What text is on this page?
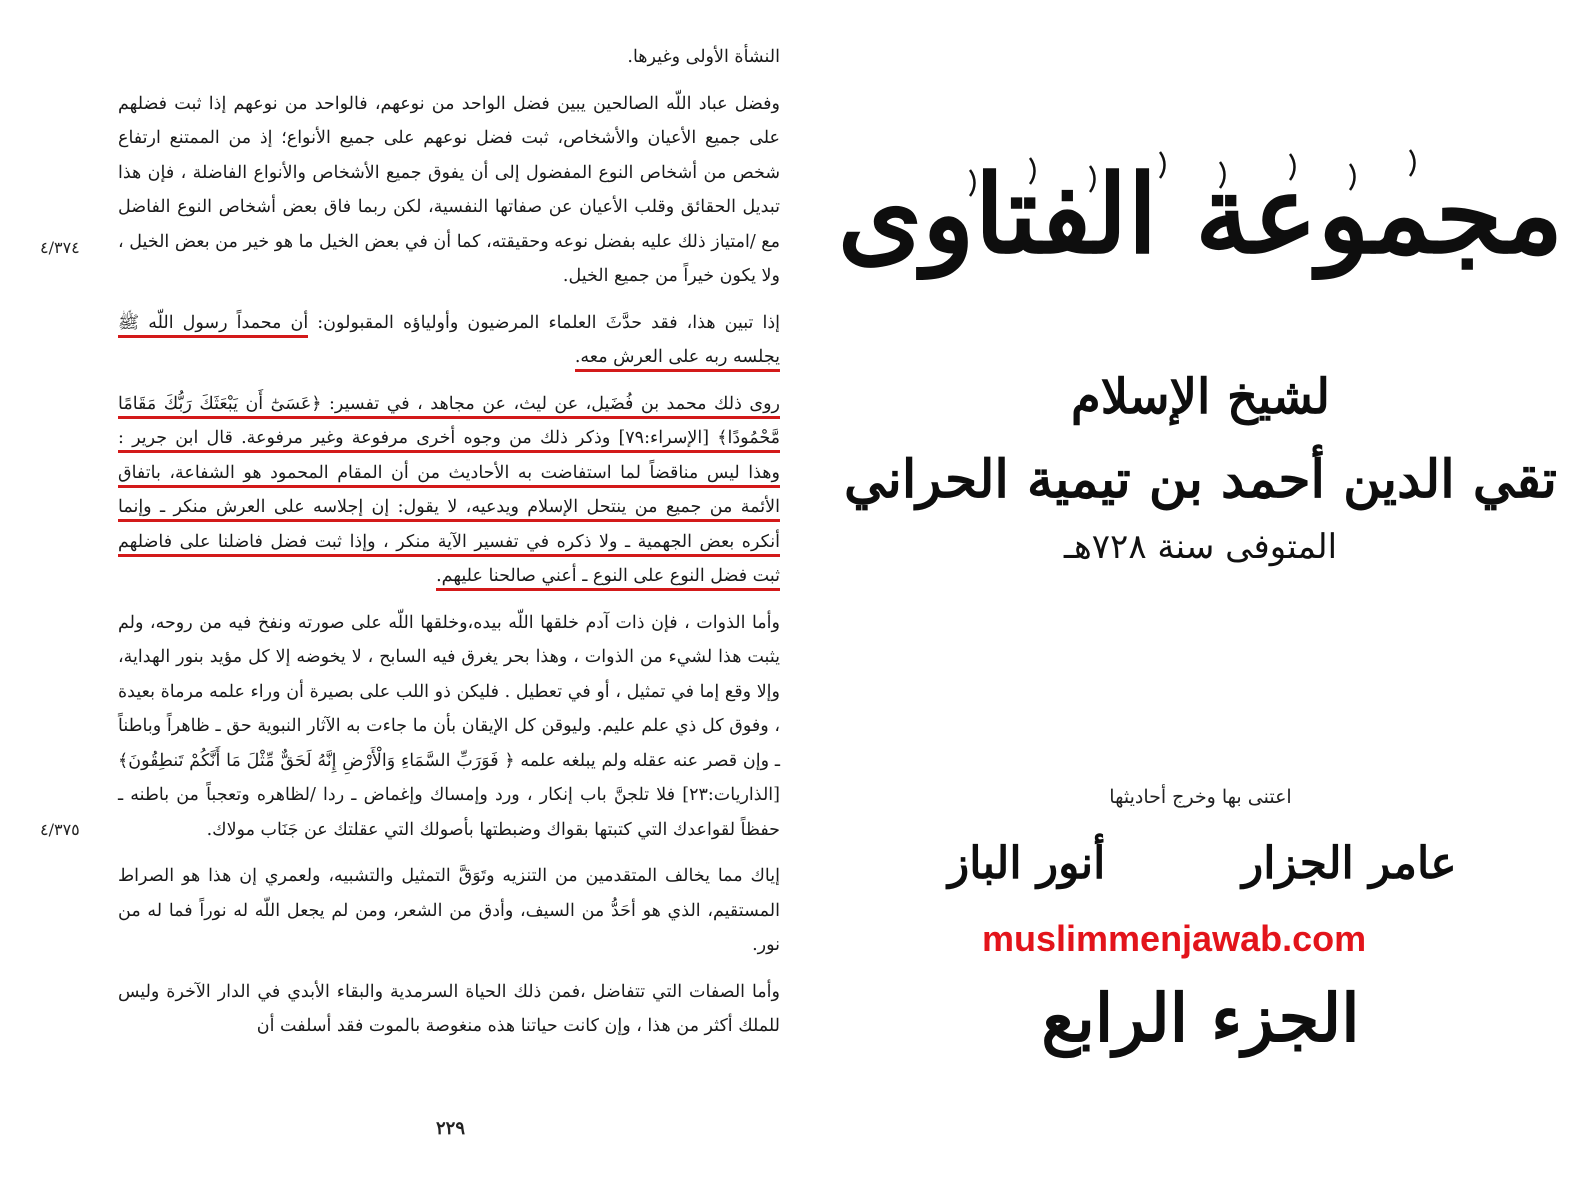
النشأة الأولى وغيرها.

وفضل عباد اللّه الصالحين يبين فضل الواحد من نوعهم، فالواحد من نوعهم إذا ثبت فضلهم على جميع الأعيان والأشخاص، ثبت فضل نوعهم على جميع الأنواع؛ إذ من الممتنع ارتفاع شخص من أشخاص النوع المفضول إلى أن يفوق جميع الأشخاص والأنواع الفاضلة ، فإن هذا تبديل الحقائق وقلب الأعيان عن صفاتها النفسية، لكن ربما فاق بعض أشخاص النوع الفاضل مع /امتياز ذلك عليه بفضل نوعه وحقيقته، كما أن في بعض الخيل ما هو خير من بعض الخيل ، ولا يكون خيراً من جميع الخيل.

إذا تبين هذا، فقد حدَّثَ العلماء المرضيون وأولياؤه المقبولون: أن محمداً رسول اللّه ﷺ يجلسه ربه على العرش معه.

روى ذلك محمد بن فُضَيل، عن ليث، عن مجاهد ، في تفسير: ﴿عَسَىٰٓ أَن يَبْعَثَكَ رَبُّكَ مَقَامًا مَّحْمُودًا﴾ [الإسراء:٧٩] وذكر ذلك من وجوه أخرى مرفوعة وغير مرفوعة. قال ابن جرير : وهذا ليس مناقضاً لما استفاضت به الأحاديث من أن المقام المحمود هو الشفاعة، باتفاق الأئمة من جميع من ينتحل الإسلام ويدعيه، لا يقول: إن إجلاسه على العرش منكر ـ وإنما أنكره بعض الجهمية ـ ولا ذكره في تفسير الآية منكر ، وإذا ثبت فضل فاضلنا على فاضلهم ثبت فضل النوع على النوع ـ أعني صالحنا عليهم.

وأما الذوات ، فإن ذات آدم خلقها اللّه بيده،وخلقها اللّه على صورته ونفخ فيه من روحه، ولم يثبت هذا لشيء من الذوات ، وهذا بحر يغرق فيه السابح ، لا يخوضه إلا كل مؤيد بنور الهداية، وإلا وقع إما في تمثيل ، أو في تعطيل . فليكن ذو اللب على بصيرة أن وراء علمه مرماة بعيدة ، وفوق كل ذي علم عليم. وليوقن كل الإيقان بأن ما جاءت به الآثار النبوية حق ـ ظاهراً وباطناً ـ وإن قصر عنه عقله ولم يبلغه علمه ﴿ فَوَرَبِّ السَّمَاءِ وَالْأَرْضِ إِنَّهُ لَحَقٌّ مِّثْلَ مَا أَنَّكُمْ تَنطِقُونَ﴾[الذاريات:٢٣] فلا تلجنَّ باب إنكار ، ورد وإمساك وإغماض ـ ردا /لظاهره وتعجباً من باطنه ـ حفظاً لقواعدك التي كتبتها بقواك وضبطتها بأصولك التي عقلتك عن جَنَاب مولاك.

إياك مما يخالف المتقدمين من التنزيه وتَوَقَّ التمثيل والتشبيه، ولعمري إن هذا هو الصراط المستقيم، الذي هو أحَدُّ من السيف، وأدق من الشعر، ومن لم يجعل اللّه له نوراً فما له من نور.

وأما الصفات التي تتفاضل ،فمن ذلك الحياة السرمدية والبقاء الأبدي في الدار الآخرة وليس للملك أكثر من هذا ، وإن كانت حياتنا هذه منغوصة بالموت فقد أسلفت أن

٤/٣٧٤
٤/٣٧٥
٢٢٩
مجموعة الفتاوى
لشيخ الإسلام
تقي الدين أحمد بن تيمية الحراني
المتوفى سنة ٧٢٨هـ
اعتنى بها وخرج أحاديثها
عامر الجزار
أنور الباز
muslimmenjawab.com
الجزء الرابع
